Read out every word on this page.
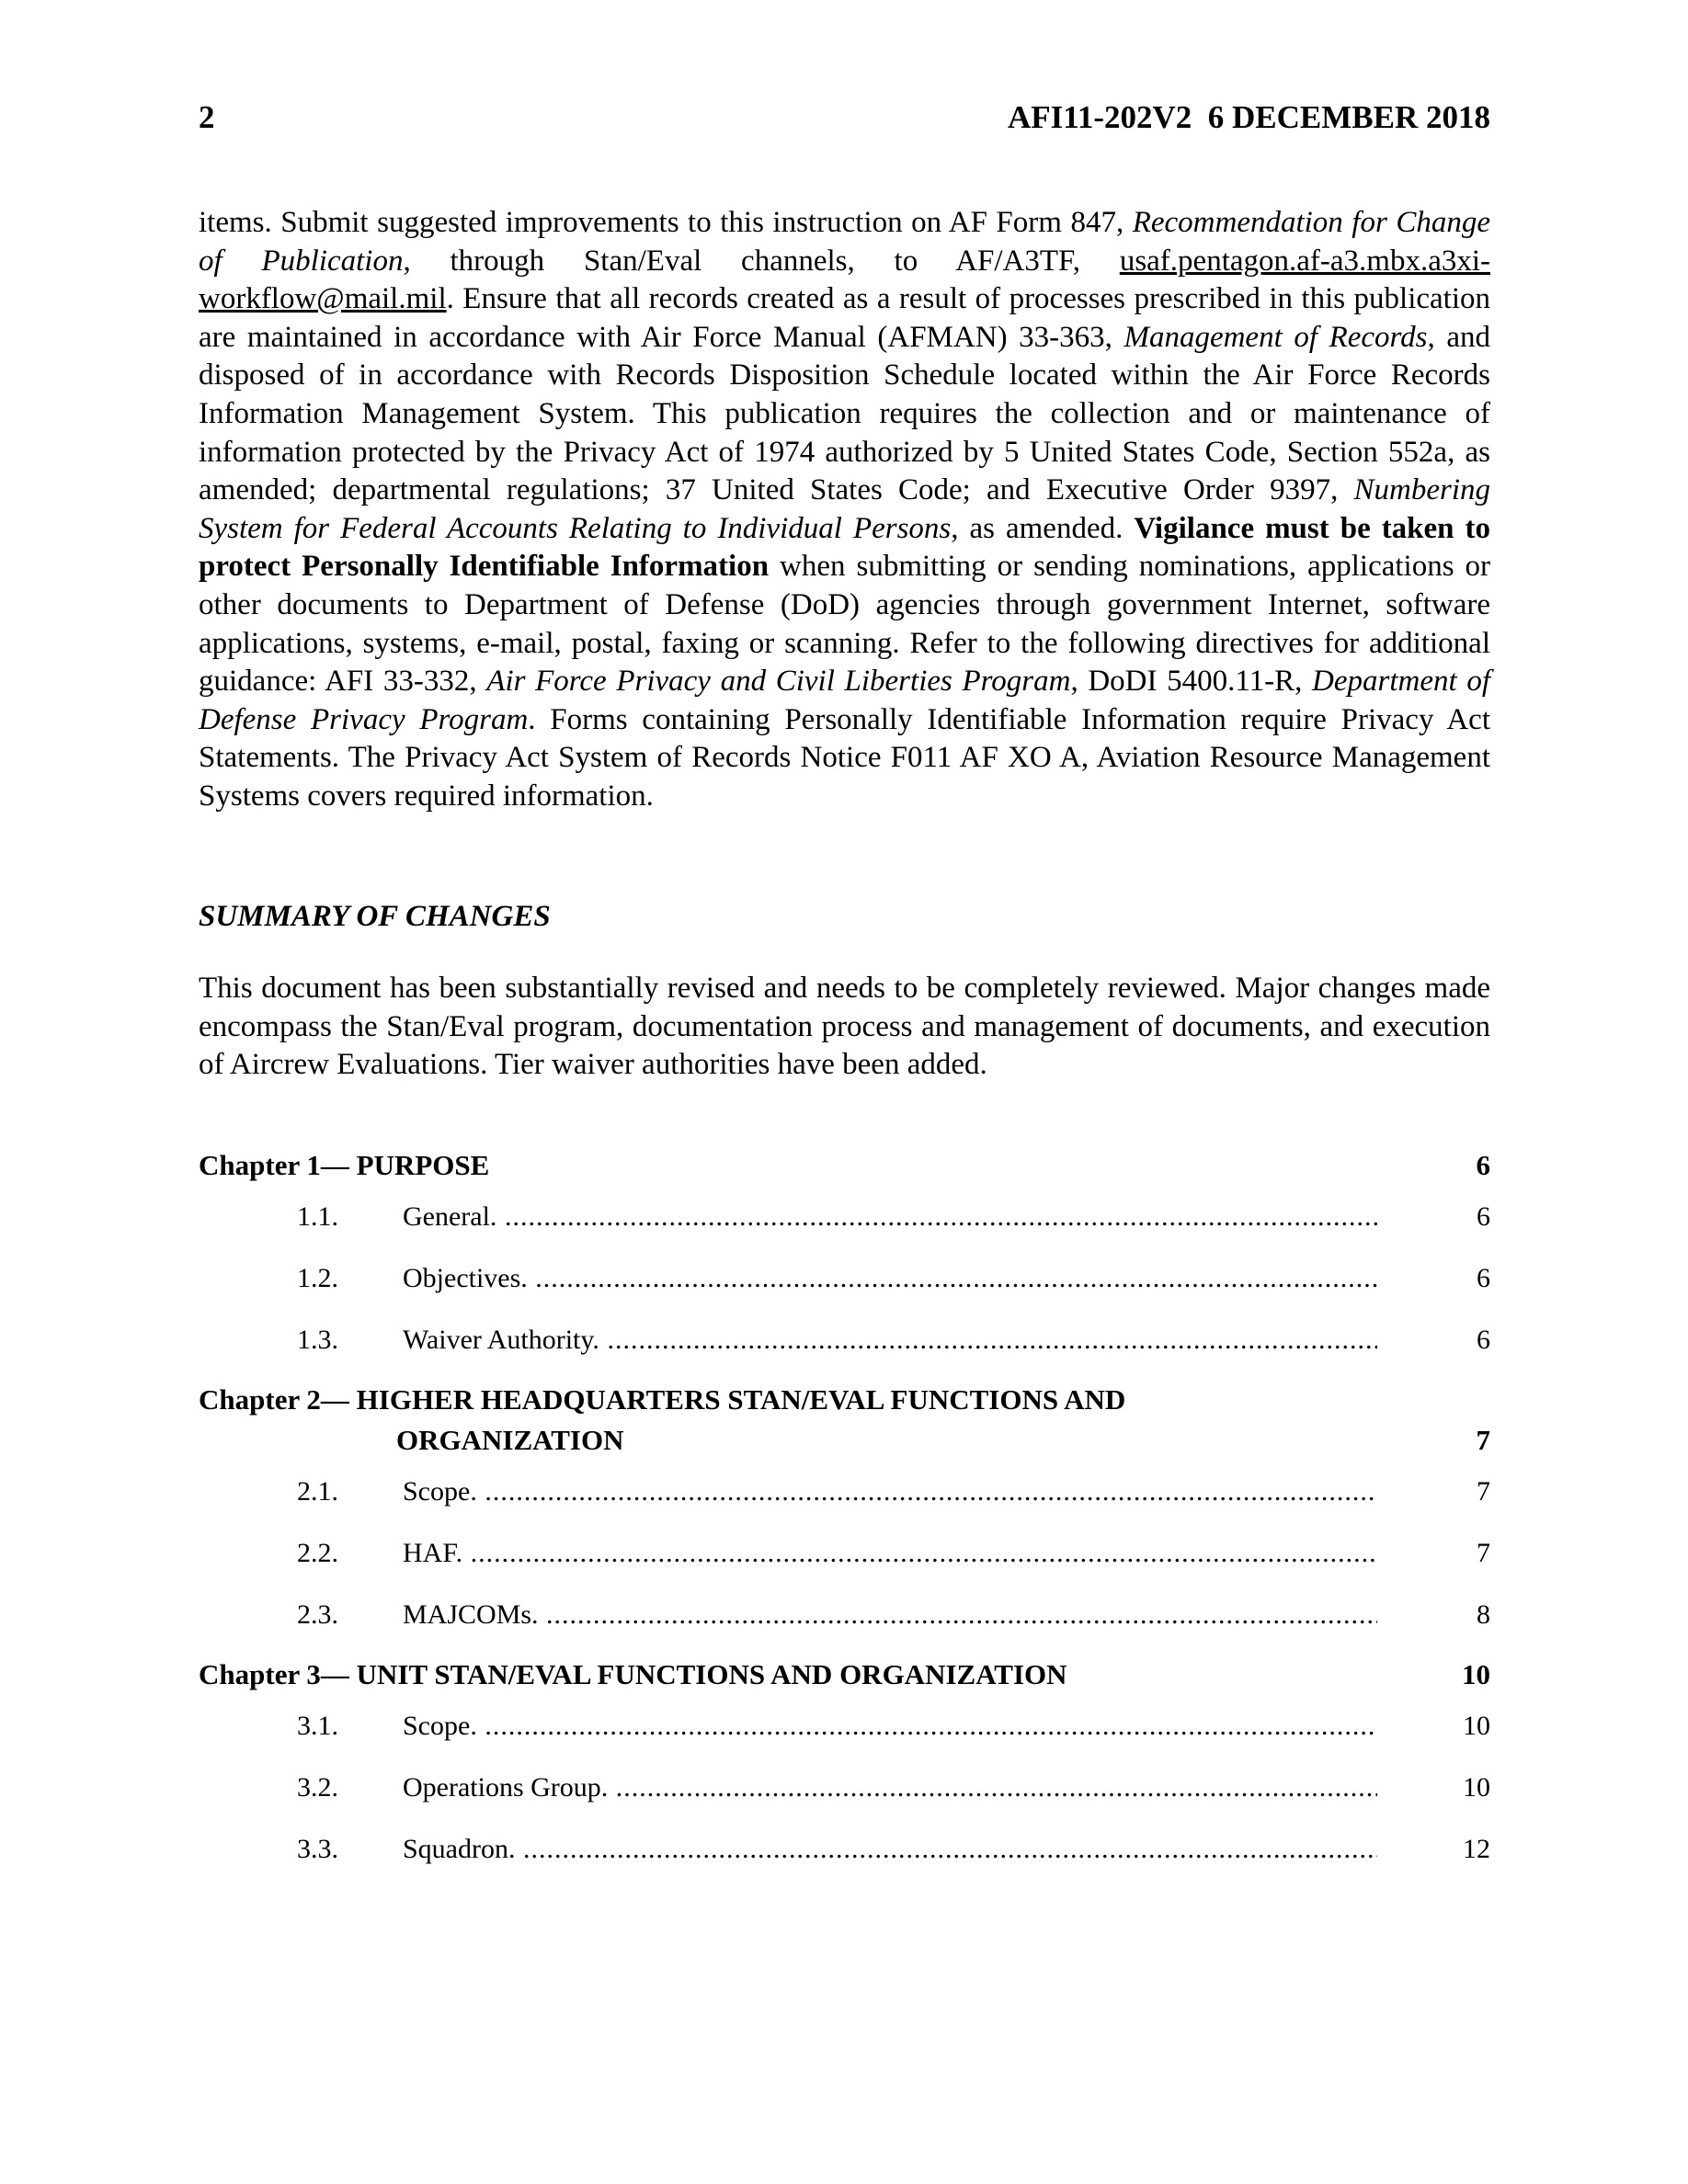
2	AFI11-202V2  6 DECEMBER 2018

items. Submit suggested improvements to this instruction on AF Form 847, Recommendation for Change of Publication, through Stan/Eval channels, to AF/A3TF, usaf.pentagon.af-a3.mbx.a3xi-workflow@mail.mil. Ensure that all records created as a result of processes prescribed in this publication are maintained in accordance with Air Force Manual (AFMAN) 33-363, Management of Records, and disposed of in accordance with Records Disposition Schedule located within the Air Force Records Information Management System. This publication requires the collection and or maintenance of information protected by the Privacy Act of 1974 authorized by 5 United States Code, Section 552a, as amended; departmental regulations; 37 United States Code; and Executive Order 9397, Numbering System for Federal Accounts Relating to Individual Persons, as amended. Vigilance must be taken to protect Personally Identifiable Information when submitting or sending nominations, applications or other documents to Department of Defense (DoD) agencies through government Internet, software applications, systems, e-mail, postal, faxing or scanning. Refer to the following directives for additional guidance: AFI 33-332, Air Force Privacy and Civil Liberties Program, DoDI 5400.11-R, Department of Defense Privacy Program. Forms containing Personally Identifiable Information require Privacy Act Statements. The Privacy Act System of Records Notice F011 AF XO A, Aviation Resource Management Systems covers required information.

SUMMARY OF CHANGES

This document has been substantially revised and needs to be completely reviewed. Major changes made encompass the Stan/Eval program, documentation process and management of documents, and execution of Aircrew Evaluations. Tier waiver authorities have been added.

Chapter 1— PURPOSE	6
1.1. General. .....	6
1.2. Objectives. .....	6
1.3. Waiver Authority. .....	6
Chapter 2— HIGHER HEADQUARTERS STAN/EVAL FUNCTIONS AND
ORGANIZATION	7
2.1. Scope. .....	7
2.2. HAF. .....	7
2.3. MAJCOMs. .....	8
Chapter 3— UNIT STAN/EVAL FUNCTIONS AND ORGANIZATION	10
3.1. Scope. .....	10
3.2. Operations Group. .....	10
3.3. Squadron. .....	12
